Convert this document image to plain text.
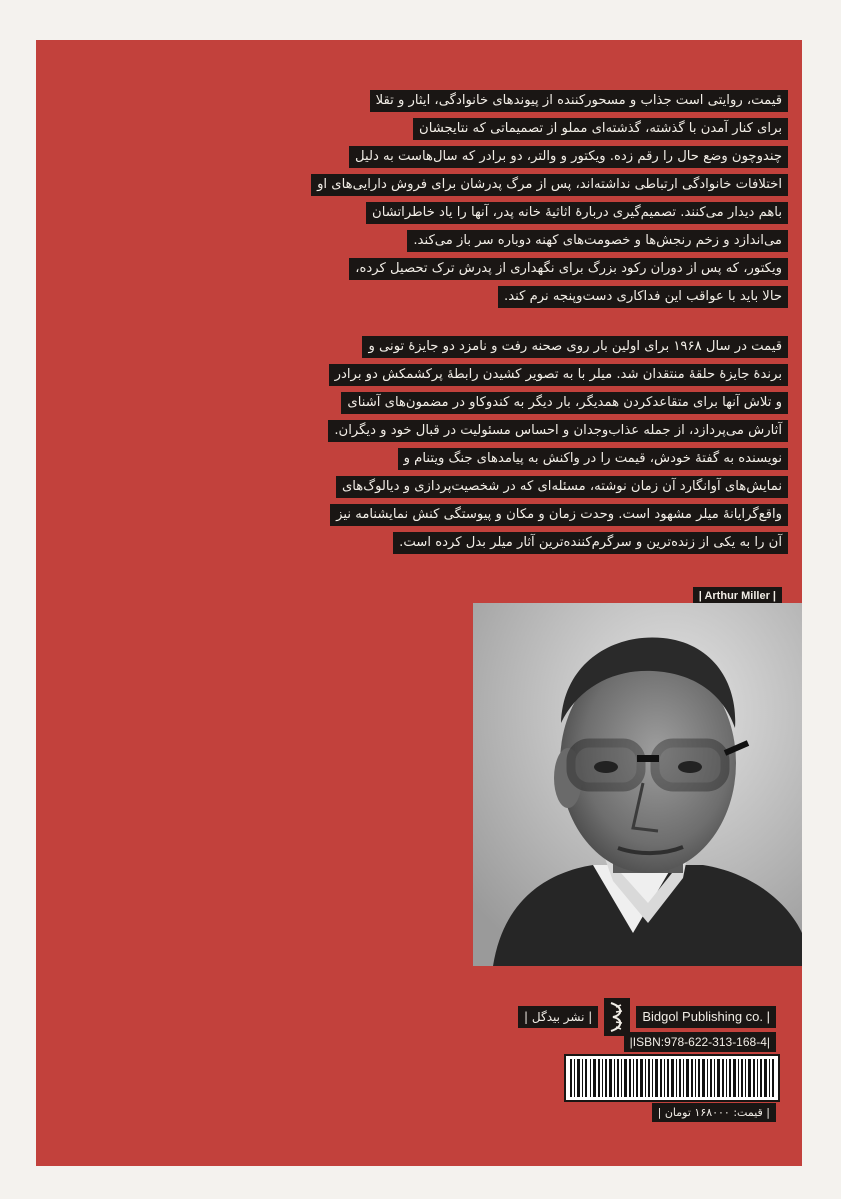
قیمت، روایتی است جذاب و مسحورکننده از پیوندهای خانوادگی، ایثار و تقلا
برای کنار آمدن با گذشته، گذشته‌ای مملو از تصمیماتی که نتایجشان
چندوچون وضع حال را رقم زده. ویکتور و والتر، دو برادر که سال‌هاست به دلیل
اختلافات خانوادگی ارتباطی نداشته‌اند، پس از مرگ پدرشان برای فروش دارایی‌های او
باهم دیدار می‌کنند. تصمیم‌گیری دربارهٔ اثاثیهٔ خانه پدر، آنها را یاد خاطراتشان
می‌اندازد و زخم رنجش‌ها و خصومت‌های کهنه دوباره سر باز می‌کند.
ویکتور، که پس از دوران رکود بزرگ برای نگهداری از پدرش ترک تحصیل کرده،
حالا باید با عواقب این فداکاری دست‌وپنجه نرم کند.
قیمت در سال ۱۹۶۸ برای اولین بار روی صحنه رفت و نامزد دو جایزهٔ تونی و
برندهٔ جایزهٔ حلقهٔ منتقدان شد. میلر با به تصویر کشیدن رابطهٔ پرکشمکش دو برادر
و تلاش آنها برای متقاعدکردن همدیگر، بار دیگر به کندوکاو در مضمون‌های آشنای
آثارش می‌پردازد، از جمله عذاب‌وجدان و احساس مسئولیت در قبال خود و دیگران.
نویسنده به گفتهٔ خودش، قیمت را در واکنش به پیامدهای جنگ ویتنام و
نمایش‌های آوانگارد آن زمان نوشته، مسئله‌ای که در شخصیت‌پردازی و دیالوگ‌های
واقع‌گرایانهٔ میلر مشهود است. وحدت زمان و مکان و پیوستگی کنش نمایشنامه نیز
آن را به یکی از زنده‌ترین و سرگرم‌کننده‌ترین آثار میلر بدل کرده است.
| Arthur Miller |
| نشر بیدگل |	Bidgol Publishing co. |
|ISBN:978-622-313-168-4|
| قیمت: ۱۶۸۰۰۰ تومان |
